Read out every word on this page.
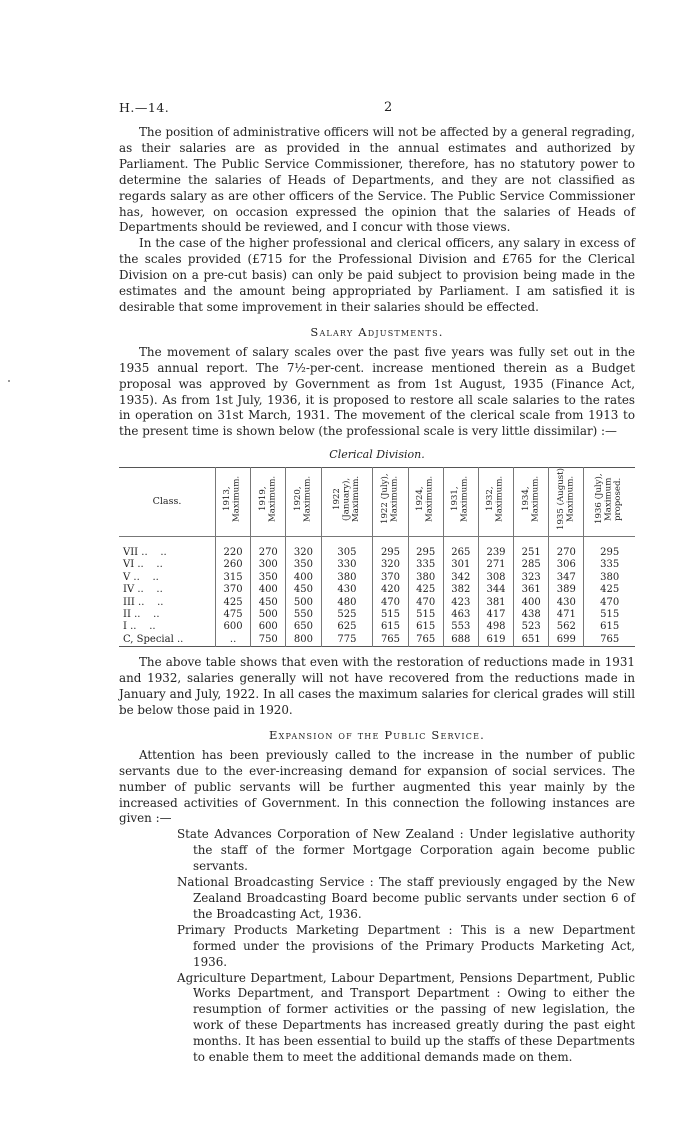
H.—14.	2

The position of administrative officers will not be affected by a general regrading, as their salaries are as provided in the annual estimates and authorized by Parliament. The Public Service Commissioner, therefore, has no statutory power to determine the salaries of Heads of Departments, and they are not classified as regards salary as are other officers of the Service. The Public Service Commissioner has, however, on occasion expressed the opinion that the salaries of Heads of Departments should be reviewed, and I concur with those views.

In the case of the higher professional and clerical officers, any salary in excess of the scales provided (£715 for the Professional Division and £765 for the Clerical Division on a pre-cut basis) can only be paid subject to provision being made in the estimates and the amount being appropriated by Parliament. I am satisfied it is desirable that some improvement in their salaries should be effected.

Salary Adjustments.

The movement of salary scales over the past five years was fully set out in the 1935 annual report. The 7½-per-cent. increase mentioned therein as a Budget proposal was approved by Government as from 1st August, 1935 (Finance Act, 1935). As from 1st July, 1936, it is proposed to restore all scale salaries to the rates in operation on 31st March, 1931. The movement of the clerical scale from 1913 to the present time is shown below (the professional scale is very little dissimilar) :—

Clerical Division.
Class.	1913, Maximum.	1919, Maximum.	1920, Maximum.	1922 (January), Maximum.	1922 (July), Maximum.	1924, Maximum.	1931, Maximum.	1932, Maximum.	1934, Maximum.	1935 (August) Maximum.	1936 (July), Maximum proposed.

VII ..    ..	220	270	320	305	295	295	265	239	251	270	295
VI ..    ..	260	300	350	330	320	335	301	271	285	306	335
V ..    ..	315	350	400	380	370	380	342	308	323	347	380
IV ..    ..	370	400	450	430	420	425	382	344	361	389	425
III ..    ..	425	450	500	480	470	470	423	381	400	430	470
II ..    ..	475	500	550	525	515	515	463	417	438	471	515
I ..    ..	600	600	650	625	615	615	553	498	523	562	615
C, Special ..	..	750	800	775	765	765	688	619	651	699	765

The above table shows that even with the restoration of reductions made in 1931 and 1932, salaries generally will not have recovered from the reductions made in January and July, 1922. In all cases the maximum salaries for clerical grades will still be below those paid in 1920.

Expansion of the Public Service.

Attention has been previously called to the increase in the number of public servants due to the ever-increasing demand for expansion of social services. The number of public servants will be further augmented this year mainly by the increased activities of Government. In this connection the following instances are given :—

State Advances Corporation of New Zealand : Under legislative authority the staff of the former Mortgage Corporation again become public servants.
National Broadcasting Service : The staff previously engaged by the New Zealand Broadcasting Board become public servants under section 6 of the Broadcasting Act, 1936.
Primary Products Marketing Department : This is a new Department formed under the provisions of the Primary Products Marketing Act, 1936.
Agriculture Department, Labour Department, Pensions Department, Public Works Department, and Transport Department : Owing to either the resumption of former activities or the passing of new legislation, the work of these Departments has increased greatly during the past eight months. It has been essential to build up the staffs of these Departments to enable them to meet the additional demands made on them.
